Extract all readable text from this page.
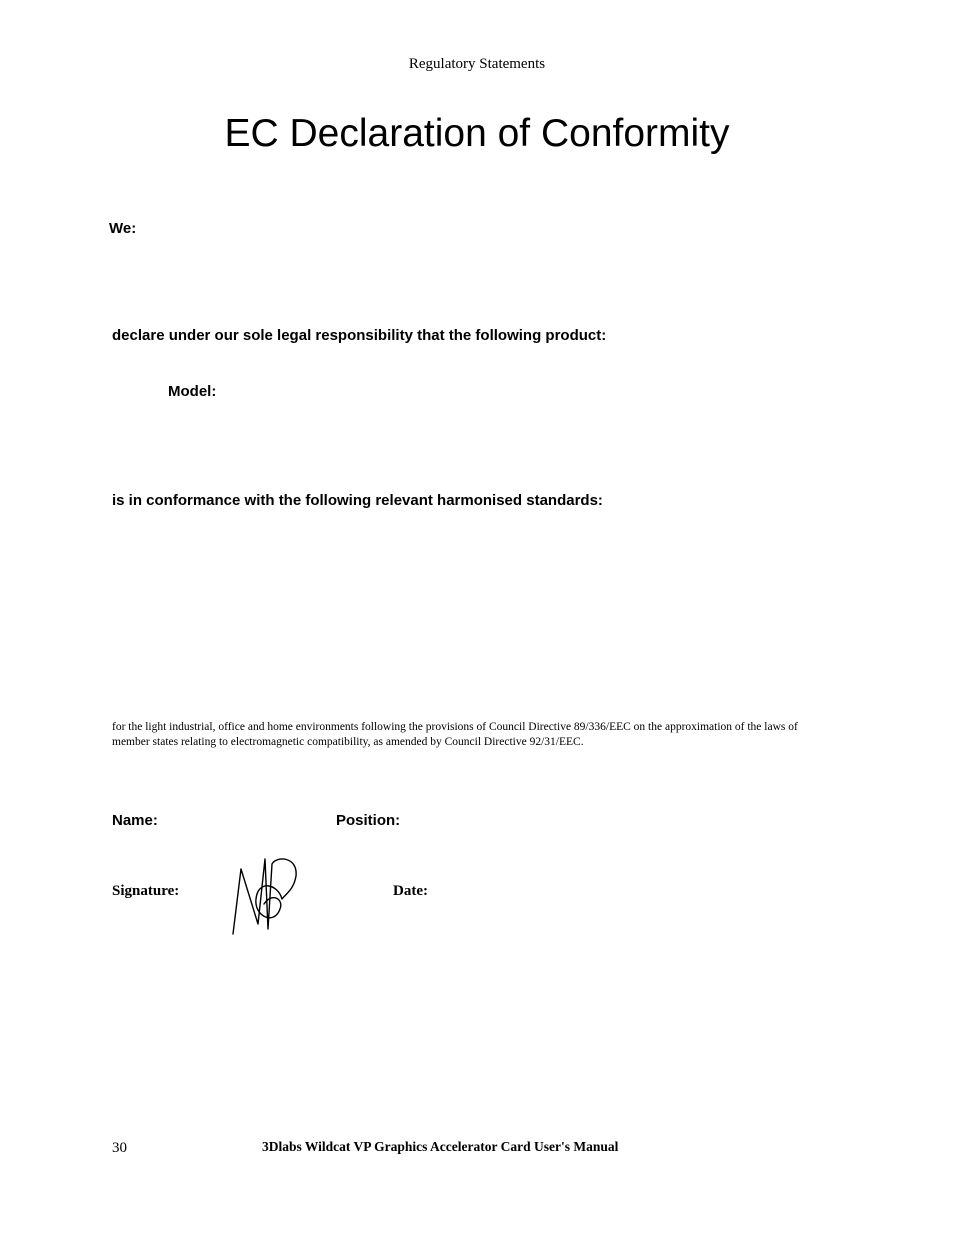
Regulatory Statements
EC Declaration of Conformity
We:
declare under our sole legal responsibility that the following product:
Model:
is in conformance with the following relevant harmonised standards:
for the light industrial, office and home environments following the provisions of Council Directive 89/336/EEC on the approximation of the laws of member states relating to electromagnetic compatibility, as amended by Council Directive 92/31/EEC.
Name:	Position:
Signature:	Date:
30	3Dlabs Wildcat VP Graphics Accelerator Card User's Manual
